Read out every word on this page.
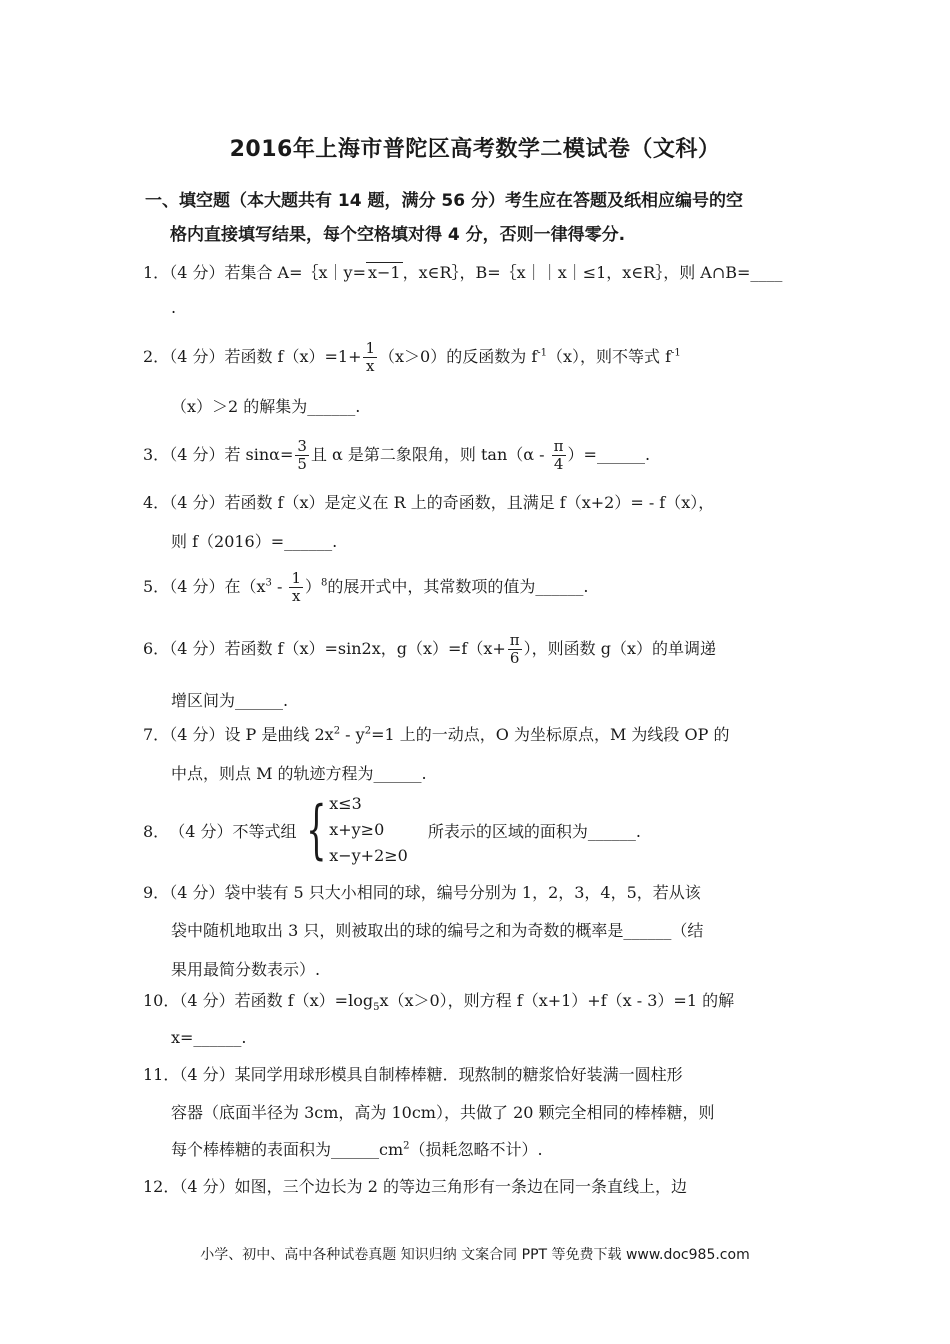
2016年上海市普陀区高考数学二模试卷（文科）
一、填空题（本大题共有 14 题，满分 56 分）考生应在答题及纸相应编号的空
格内直接填写结果，每个空格填对得 4 分，否则一律得零分.
1．（4 分）若集合 A=｛x｜y= x−1 ，x∈R｝，B=｛x｜｜x｜≤1，x∈R｝，则 A∩B=____
.
2．（4 分）若函数 $f(x)=1+ \frac{1}{x} (x>0)$的反函数为 $f^{-1}(x)$，则不等式 $f^{-1}$
（x）＞2 的解集为______.
3．（4 分）若 $\sin\alpha= \frac{3}{5}$ 且 α 是第二象限角，则 $\tan(\alpha - \frac{\pi}{4}$ ）=______.
4．（4 分）若函数 f（x）是定义在 R 上的奇函数，且满足 f（x+2）= - f（x），
则 f（2016）=______.
5．（4 分）在$(x^3 - \frac{1}{x} )^8$的展开式中，其常数项的值为______.
6．（4 分）若函数 f（x）=sin2x，$g(x)=f(x+ \frac{\pi}{6}$ ），则函数 g（x）的单调递
增区间为______.
7．（4 分）设 P 是曲线 $2x^2 - y^2=1$ 上的一动点，O 为坐标原点，M 为线段 OP 的
中点，则点 M 的轨迹方程为______.
8． （4 分）不等式组 { x≤3
x+y≥0
x−y+2≥0
所表示的区域的面积为______.
9．（4 分）袋中装有 5 只大小相同的球，编号分别为 1，2，3，4，5，若从该
袋中随机地取出 3 只，则被取出的球的编号之和为奇数的概率是______（结
果用最简分数表示）.
10．（4 分）若函数 $f(x)=\log_5x(x>0)$，则方程 f（x+1）+f（x - 3）=1 的解
x=______.
11．（4 分）某同学用球形模具自制棒棒糖．现熬制的糖浆恰好装满一圆柱形
容器（底面半径为 3cm，高为 10cm），共做了 20 颗完全相同的棒棒糖，则
每个棒棒糖的表面积为$\_\_\_\_\_\_cm^2$（损耗忽略不计）.
12．（4 分）如图，三个边长为 2 的等边三角形有一条边在同一条直线上，边
小学、初中、高中各种试卷真题 知识归纳 文案合同 PPT 等免费下载 www.doc985.com
